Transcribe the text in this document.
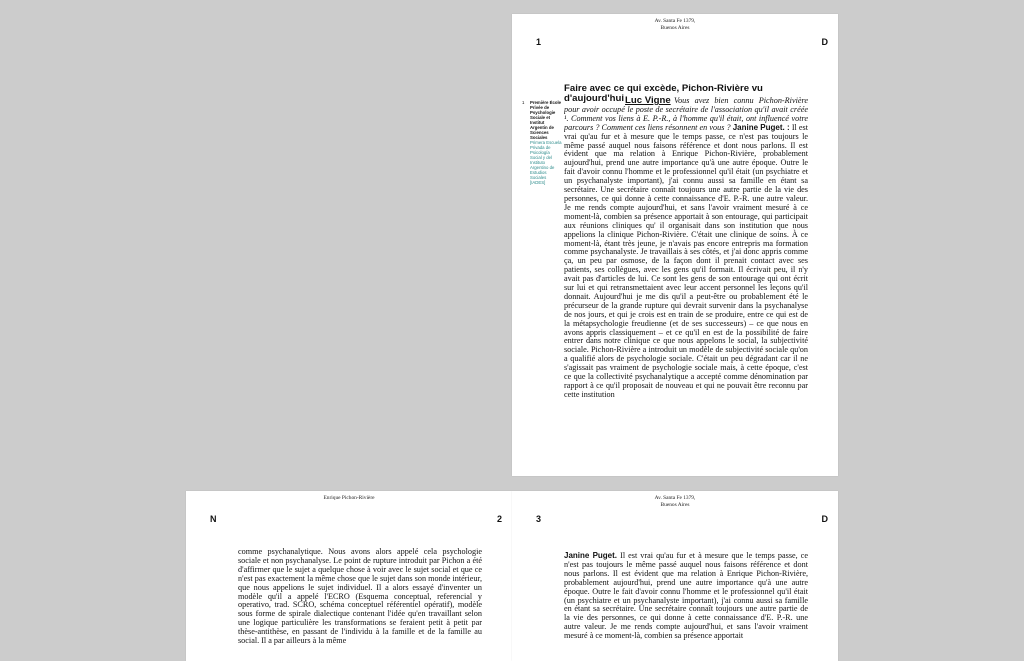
Av. Santa Fe 1379,
Buenos Aires
1	D
Faire avec ce qui excède, Pichon-Rivière vu d'aujourd'hui Luc Vigne
1	Première École Privée de Psychologie Sociale et Institut Argentin de Sciences Sociales
Primera Escuela Privada de Psicología Social y del Instituto Argentino de Estudios Sociales [IADES]
Vous avez bien connu Pichon-Rivière pour avoir occupé le poste de secrétaire de l'association qu'il avait créée ¹. Comment vos liens à E. P.-R., à l'homme qu'il était, ont influencé votre parcours ? Comment ces liens résonnent en vous ? Janine Puget. : Il est vrai qu'au fur et à mesure que le temps passe, ce n'est pas toujours le même passé auquel nous faisons référence et dont nous parlons. Il est évident que ma relation à Enrique Pichon-Rivière, probablement aujourd'hui, prend une autre importance qu'à une autre époque. Outre le fait d'avoir connu l'homme et le professionnel qu'il était (un psychiatre et un psychanalyste important), j'ai connu aussi sa famille en étant sa secrétaire. Une secrétaire connaît toujours une autre partie de la vie des personnes, ce qui donne à cette connaissance d'E. P.-R. une autre valeur. Je me rends compte aujourd'hui, et sans l'avoir vraiment mesuré à ce moment-là, combien sa présence apportait à son entourage, qui participait aux réunions cliniques qu' il organisait dans son institution que nous appelions la clinique Pichon-Rivière. C'était une clinique de soins. À ce moment-là, étant très jeune, je n'avais pas encore entrepris ma formation comme psychanalyste. Je travaillais à ses côtés, et j'ai donc appris comme ça, un peu par osmose, de la façon dont il prenait contact avec ses patients, ses collègues, avec les gens qu'il formait. Il écrivait peu, il n'y avait pas d'articles de lui. Ce sont les gens de son entourage qui ont écrit sur lui et qui retransmettaient avec leur accent personnel les leçons qu'il donnait. Aujourd'hui je me dis qu'il a peut-être ou probablement été le précurseur de la grande rupture qui devrait survenir dans la psychanalyse de nos jours, et qui je crois est en train de se produire, entre ce qui est de la métapsychologie freudienne (et de ses successeurs) – ce que nous en avons appris classiquement – et ce qu'il en est de la possibilité de faire entrer dans notre clinique ce que nous appelons le social, la subjectivité sociale. Pichon-Rivière a introduit un modèle de subjectivité sociale qu'on a qualifié alors de psychologie sociale. C'était un peu dégradant car il ne s'agissait pas vraiment de psychologie sociale mais, à cette époque, c'est ce que la collectivité psychanalytique a accepté comme dénomination par rapport à ce qu'il proposait de nouveau et qui ne pouvait être reconnu par cette institution
Enrique Pichon-Rivière
N	2
comme psychanalytique. Nous avons alors appelé cela psychologie sociale et non psychanalyse. Le point de rupture introduit par Pichon a été d'affirmer que le sujet a quelque chose à voir avec le sujet social et que ce n'est pas exactement la même chose que le sujet dans son monde intérieur, que nous appelions le sujet individuel. Il a alors essayé d'inventer un modèle qu'il a appelé l'ECRO (Esquema conceptual, referencial y operativo, trad. SCRO, schéma conceptuel référentiel opératif), modèle sous forme de spirale dialectique contenant l'idée qu'en travaillant selon une logique particulière les transformations se feraient petit à petit par thèse-antithèse, en passant de l'individu à la famille et de la famille au social. Il a par ailleurs à la même
Av. Santa Fe 1379,
Buenos Aires
3	D
Janine Puget. Il est vrai qu'au fur et à mesure que le temps passe, ce n'est pas toujours le même passé auquel nous faisons référence et dont nous parlons. Il est évident que ma relation à Enrique Pichon-Rivière, probablement aujourd'hui, prend une autre importance qu'à une autre époque. Outre le fait d'avoir connu l'homme et le professionnel qu'il était (un psychiatre et un psychanalyste important), j'ai connu aussi sa famille en étant sa secrétaire. Une secrétaire connaît toujours une autre partie de la vie des personnes, ce qui donne à cette connaissance d'E. P.-R. une autre valeur. Je me rends compte aujourd'hui, et sans l'avoir vraiment mesuré à ce moment-là, combien sa présence apportait
